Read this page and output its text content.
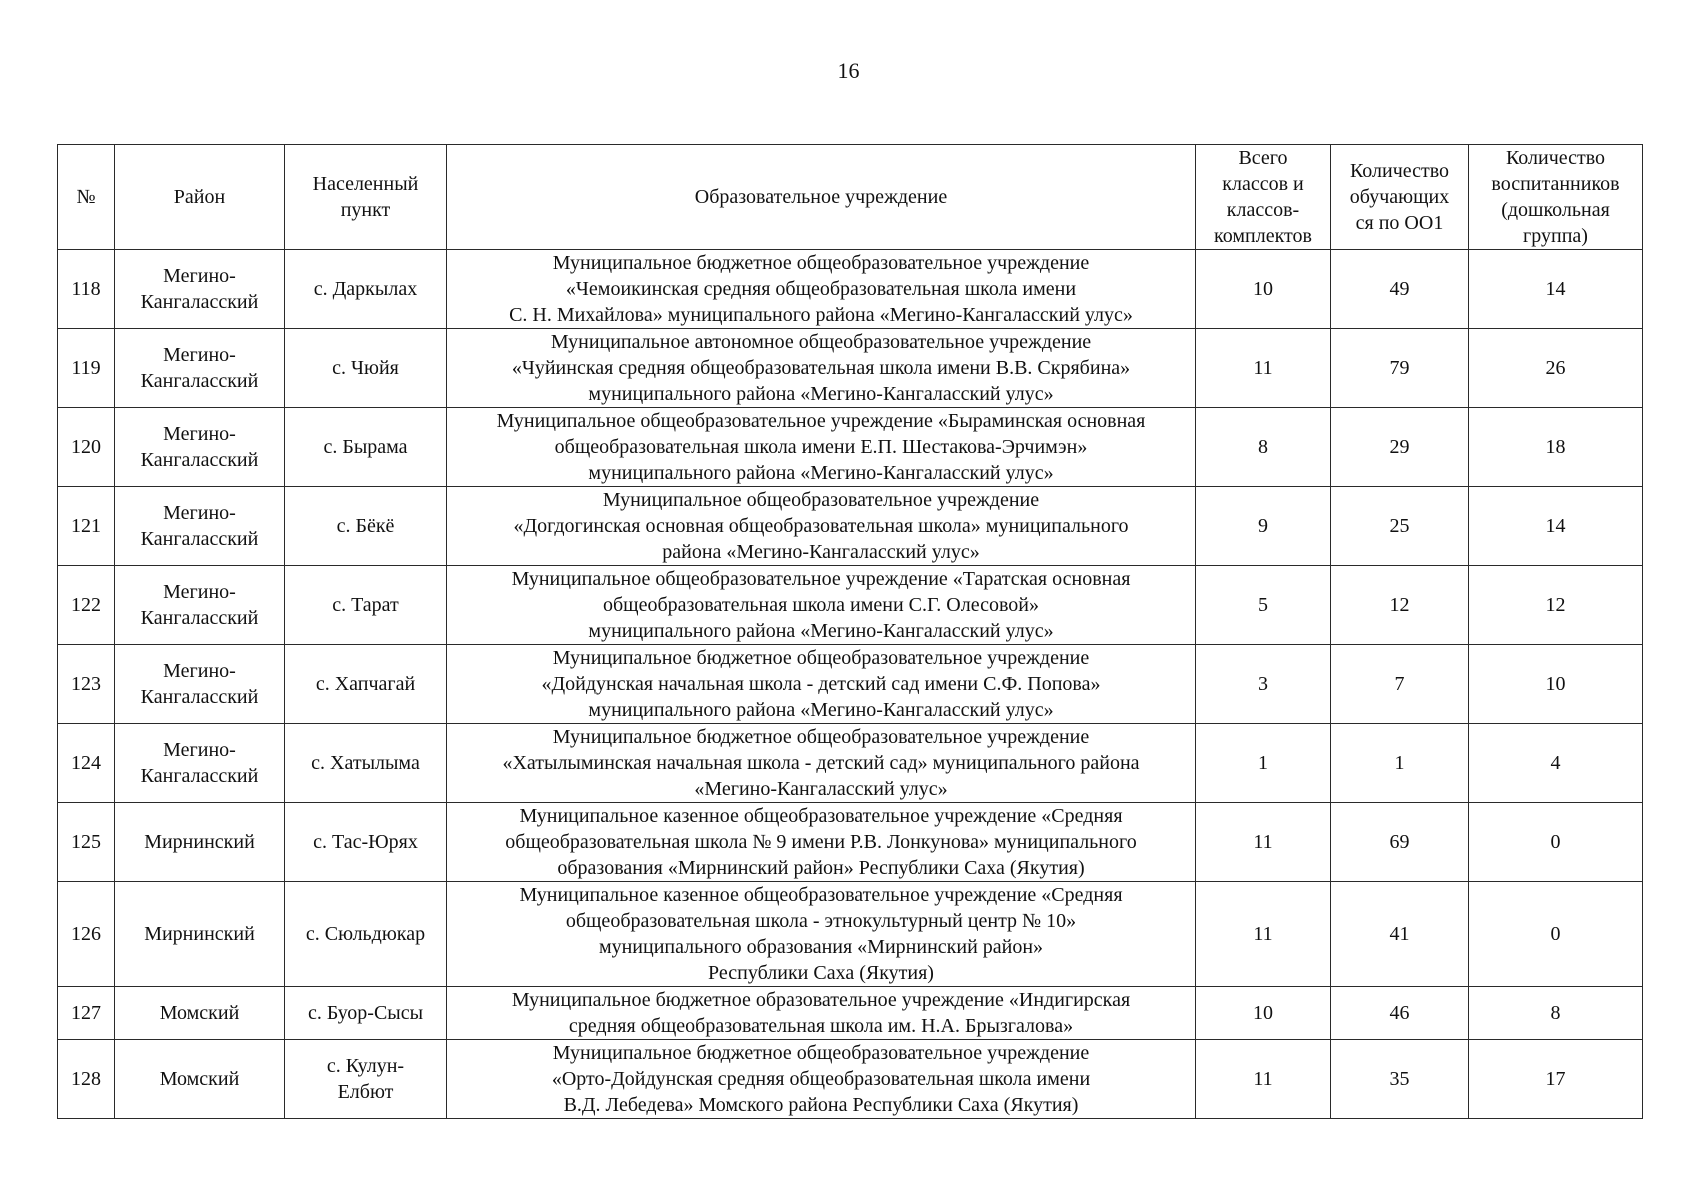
16
№	Район	Населенный
пункт	Образовательное учреждение	Всего
классов и
классов-
комплектов	Количество
обучающих
ся по ОО1	Количество
воспитанников
(дошкольная
группа)
118	Мегино-
Кангаласский	с. Даркылах	Муниципальное бюджетное общеобразовательное учреждение
«Чемоикинская средняя общеобразовательная школа имени
С. Н. Михайлова» муниципального района «Мегино-Кангаласский улус»	10	49	14
119	Мегино-
Кангаласский	с. Чюйя	Муниципальное автономное общеобразовательное учреждение
«Чуйинская средняя общеобразовательная школа имени В.В. Скрябина»
муниципального района «Мегино-Кангаласский улус»	11	79	26
120	Мегино-
Кангаласский	с. Бырама	Муниципальное общеобразовательное учреждение «Бырaминская основная
общеобразовательная школа имени Е.П. Шестакова-Эрчимэн»
муниципального района «Мегино-Кангаласский улус»	8	29	18
121	Мегино-
Кангаласский	с. Бёкё	Муниципальное общеобразовательное учреждение
«Догдогинская основная общеобразовательная школа» муниципального
района «Мегино-Кангаласский улус»	9	25	14
122	Мегино-
Кангаласский	с. Тарат	Муниципальное общеобразовательное учреждение «Таратская основная
общеобразовательная школа имени С.Г. Олесовой»
муниципального района «Мегино-Кангаласский улус»	5	12	12
123	Мегино-
Кангаласский	с. Хапчагай	Муниципальное бюджетное общеобразовательное учреждение
«Дойдунская начальная школа - детский сад имени С.Ф. Попова»
муниципального района «Мегино-Кангаласский улус»	3	7	10
124	Мегино-
Кангаласский	с. Хатылыма	Муниципальное бюджетное общеобразовательное учреждение
«Хатылыминская начальная школа - детский сад» муниципального района
«Мегино-Кангаласский улус»	1	1	4
125	Мирнинский	с. Тас-Юрях	Муниципальное казенное общеобразовательное учреждение «Средняя
общеобразовательная школа № 9 имени Р.В. Лонкунова» муниципального
образования «Мирнинский район» Республики Саха (Якутия)	11	69	0
126	Мирнинский	с. Сюльдюкар	Муниципальное казенное общеобразовательное учреждение «Средняя
общеобразовательная школа - этнокультурный центр № 10»
муниципального образования «Мирнинский район»
Республики Саха (Якутия)	11	41	0
127	Момский	с. Буор-Сысы	Муниципальное бюджетное образовательное учреждение «Индигирская
средняя общеобразовательная школа им. Н.А. Брызгалова»	10	46	8
128	Момский	с. Кулун-
Елбют	Муниципальное бюджетное общеобразовательное учреждение
«Орто-Дойдунская средняя общеобразовательная школа имени
В.Д. Лебедева» Момского района Республики Саха (Якутия)	11	35	17
